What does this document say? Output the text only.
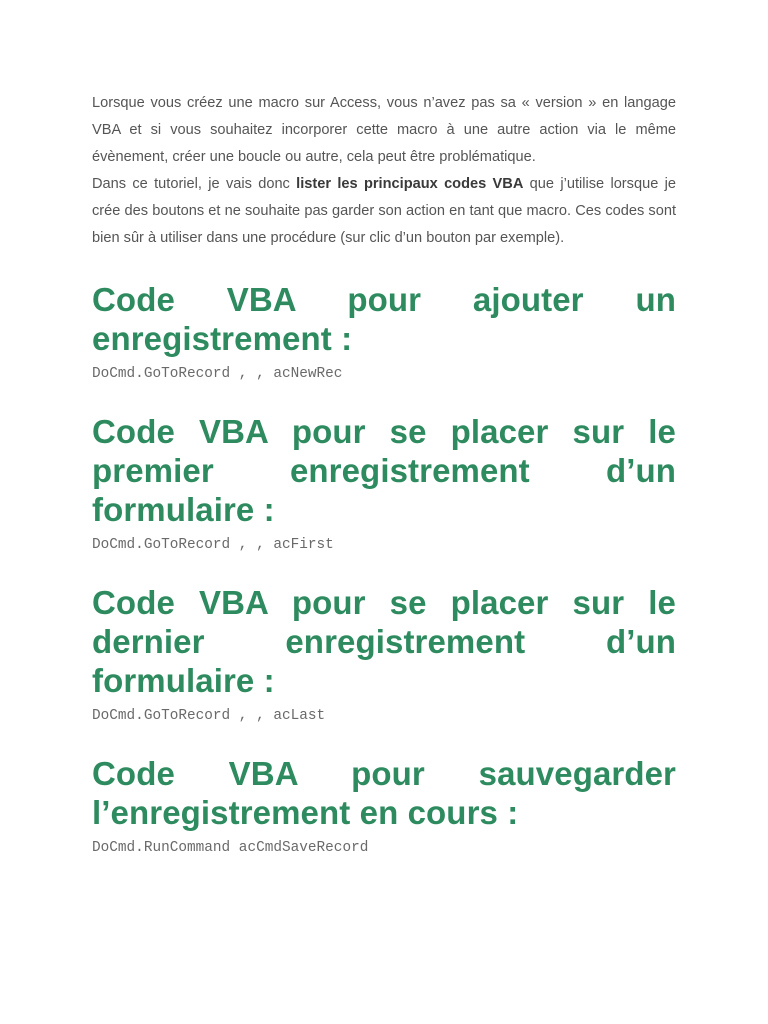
Lorsque vous créez une macro sur Access, vous n’avez pas sa « version » en langage VBA et si vous souhaitez incorporer cette macro à une autre action via le même évènement, créer une boucle ou autre, cela peut être problématique.

Dans ce tutoriel, je vais donc lister les principaux codes VBA que j’utilise lorsque je crée des boutons et ne souhaite pas garder son action en tant que macro. Ces codes sont bien sûr à utiliser dans une procédure (sur clic d’un bouton par exemple).

Code VBA pour ajouter un enregistrement :
DoCmd.GoToRecord , , acNewRec
Code VBA pour se placer sur le premier enregistrement d’un formulaire :
DoCmd.GoToRecord , , acFirst
Code VBA pour se placer sur le dernier enregistrement d’un formulaire :
DoCmd.GoToRecord , , acLast
Code VBA pour sauvegarder l’enregistrement en cours :
DoCmd.RunCommand acCmdSaveRecord
